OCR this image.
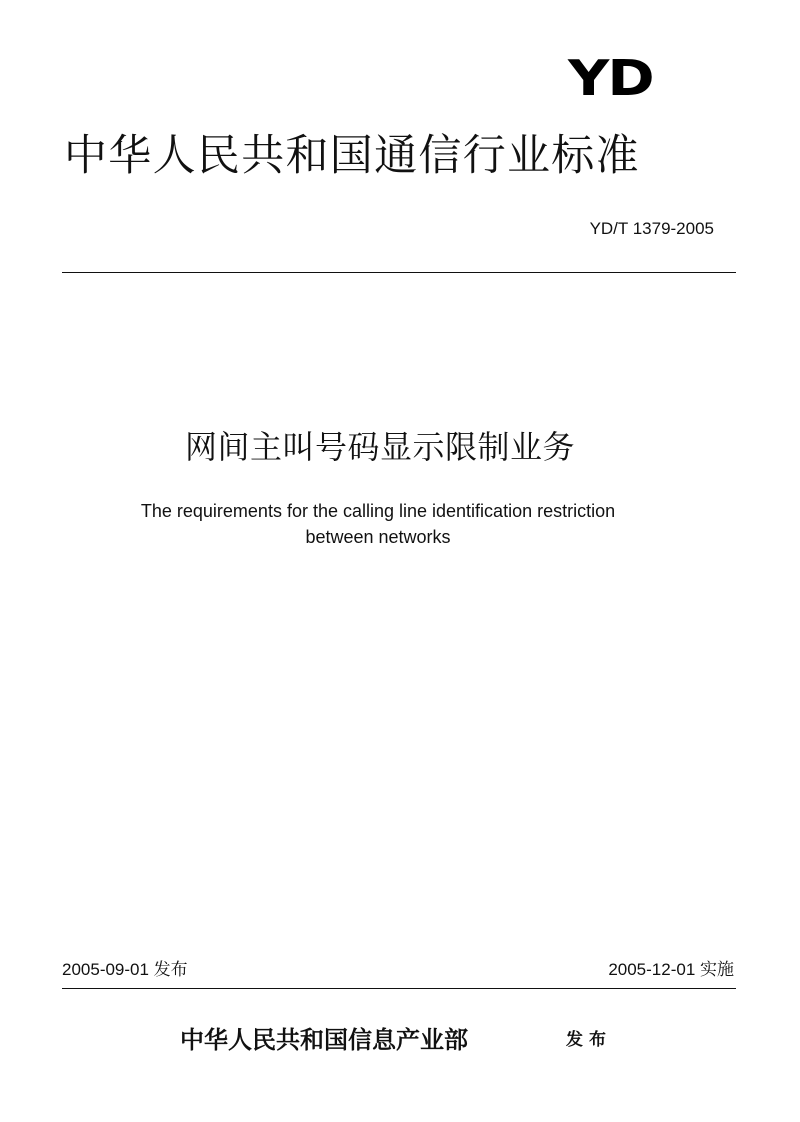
YD
中华人民共和国通信行业标准
YD/T 1379-2005
网间主叫号码显示限制业务
The requirements for the calling line identification restriction
between networks
2005-09-01 发布	2005-12-01 实施
中华人民共和国信息产业部	发布
